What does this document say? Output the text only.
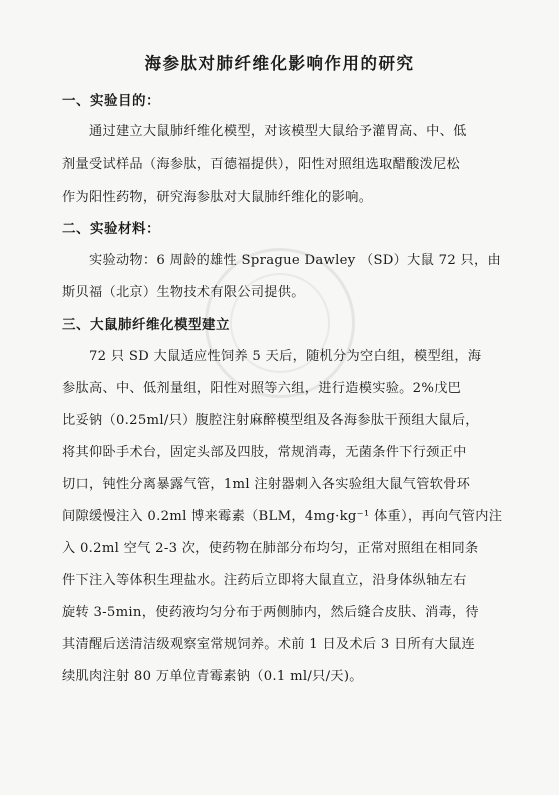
海参肽对肺纤维化影响作用的研究
一、实验目的：
　　通过建立大鼠肺纤维化模型，对该模型大鼠给予灌胃高、中、低
剂量受试样品（海参肽，百德福提供），阳性对照组选取醋酸泼尼松
作为阳性药物，研究海参肽对大鼠肺纤维化的影响。
二、实验材料：
　　实验动物：6 周龄的雄性 Sprague Dawley （SD）大鼠 72 只，由
斯贝福（北京）生物技术有限公司提供。
三、大鼠肺纤维化模型建立
　　72 只 SD 大鼠适应性饲养 5 天后，随机分为空白组，模型组，海
参肽高、中、低剂量组，阳性对照等六组，进行造模实验。2%戊巴
比妥钠（0.25ml/只）腹腔注射麻醉模型组及各海参肽干预组大鼠后，
将其仰卧手术台，固定头部及四肢，常规消毒，无菌条件下行颈正中
切口，钝性分离暴露气管，1ml 注射器刺入各实验组大鼠气管软骨环
间隙缓慢注入 0.2ml 博来霉素（BLM，4mg·kg⁻¹ 体重），再向气管内注
入 0.2ml 空气 2-3 次，使药物在肺部分布均匀，正常对照组在相同条
件下注入等体积生理盐水。注药后立即将大鼠直立，沿身体纵轴左右
旋转 3-5min，使药液均匀分布于两侧肺内，然后缝合皮肤、消毒，待
其清醒后送清洁级观察室常规饲养。术前 1 日及术后 3 日所有大鼠连
续肌肉注射 80 万单位青霉素钠（0.1 ml/只/天)。
